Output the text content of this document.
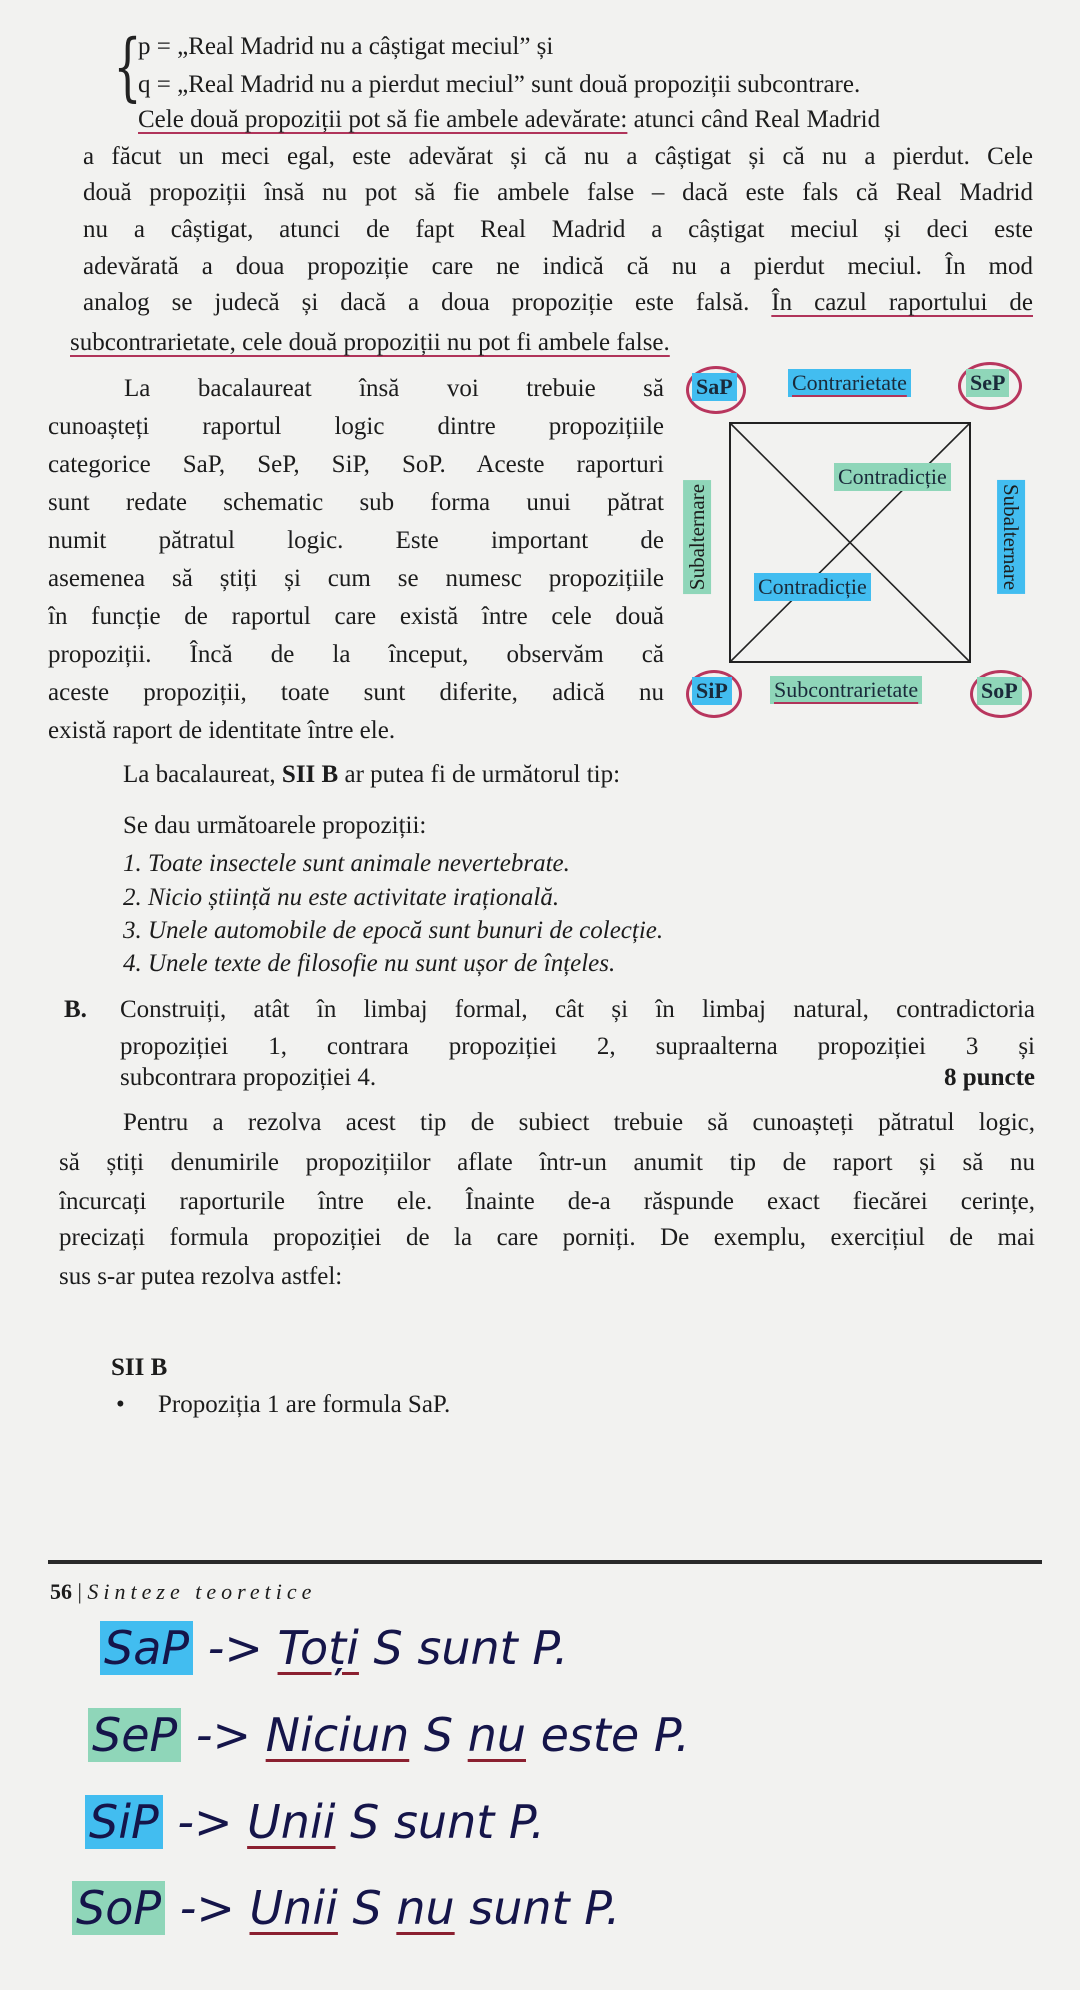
{
p = „Real Madrid nu a câștigat meciul” și
q = „Real Madrid nu a pierdut meciul” sunt două propoziții subcontrare.
Cele două propoziții pot să fie ambele adevărate: atunci când Real Madrid
a făcut un meci egal, este adevărat și că nu a câștigat și că nu a pierdut. Cele
două propoziții însă nu pot să fie ambele false – dacă este fals că Real Madrid
nu a câștigat, atunci de fapt Real Madrid a câștigat meciul și deci este
adevărată a doua propoziție care ne indică că nu a pierdut meciul. În mod
analog se judecă și dacă a doua propoziție este falsă. În cazul raportului de
subcontrarietate, cele două propoziții nu pot fi ambele false.
La bacalaureat însă voi trebuie să
cunoașteți raportul logic dintre propozițiile
categorice SaP, SeP, SiP, SoP. Aceste raporturi
sunt redate schematic sub forma unui pătrat
numit pătratul logic. Este important de
asemenea să știți și cum se numesc propozițiile
în funcție de raportul care există între cele două
propoziții. Încă de la început, observăm că
aceste propoziții, toate sunt diferite, adică nu
există raport de identitate între ele.
SaP	Contrarietate	SeP
Contradicție
Contradicție
Subalternare	Subalternare
SiP Subcontrarietate	SoP
La bacalaureat, SII B ar putea fi de următorul tip:
Se dau următoarele propoziții:
1. Toate insectele sunt animale nevertebrate.
2. Nicio știință nu este activitate irațională.
3. Unele automobile de epocă sunt bunuri de colecție.
4. Unele texte de filosofie nu sunt ușor de înțeles.
B. Construiți, atât în limbaj formal, cât și în limbaj natural, contradictoria
propoziției 1, contrara propoziției 2, supraalterna propoziției 3 și
subcontrara propoziției 4.	8 puncte
Pentru a rezolva acest tip de subiect trebuie să cunoașteți pătratul logic,
să știți denumirile propozițiilor aflate într-un anumit tip de raport și să nu
încurcați raporturile între ele. Înainte de-a răspunde exact fiecărei cerințe,
precizați formula propoziției de la care porniți. De exemplu, exercițiul de mai
sus s-ar putea rezolva astfel:
SII B
• Propoziția 1 are formula SaP.
56 | Sinteze teoretice
SaP -> Toți S sunt P.
SeP -> Niciun S nu este P.
SiP -> Unii S sunt P.
SoP -> Unii S nu sunt P.
